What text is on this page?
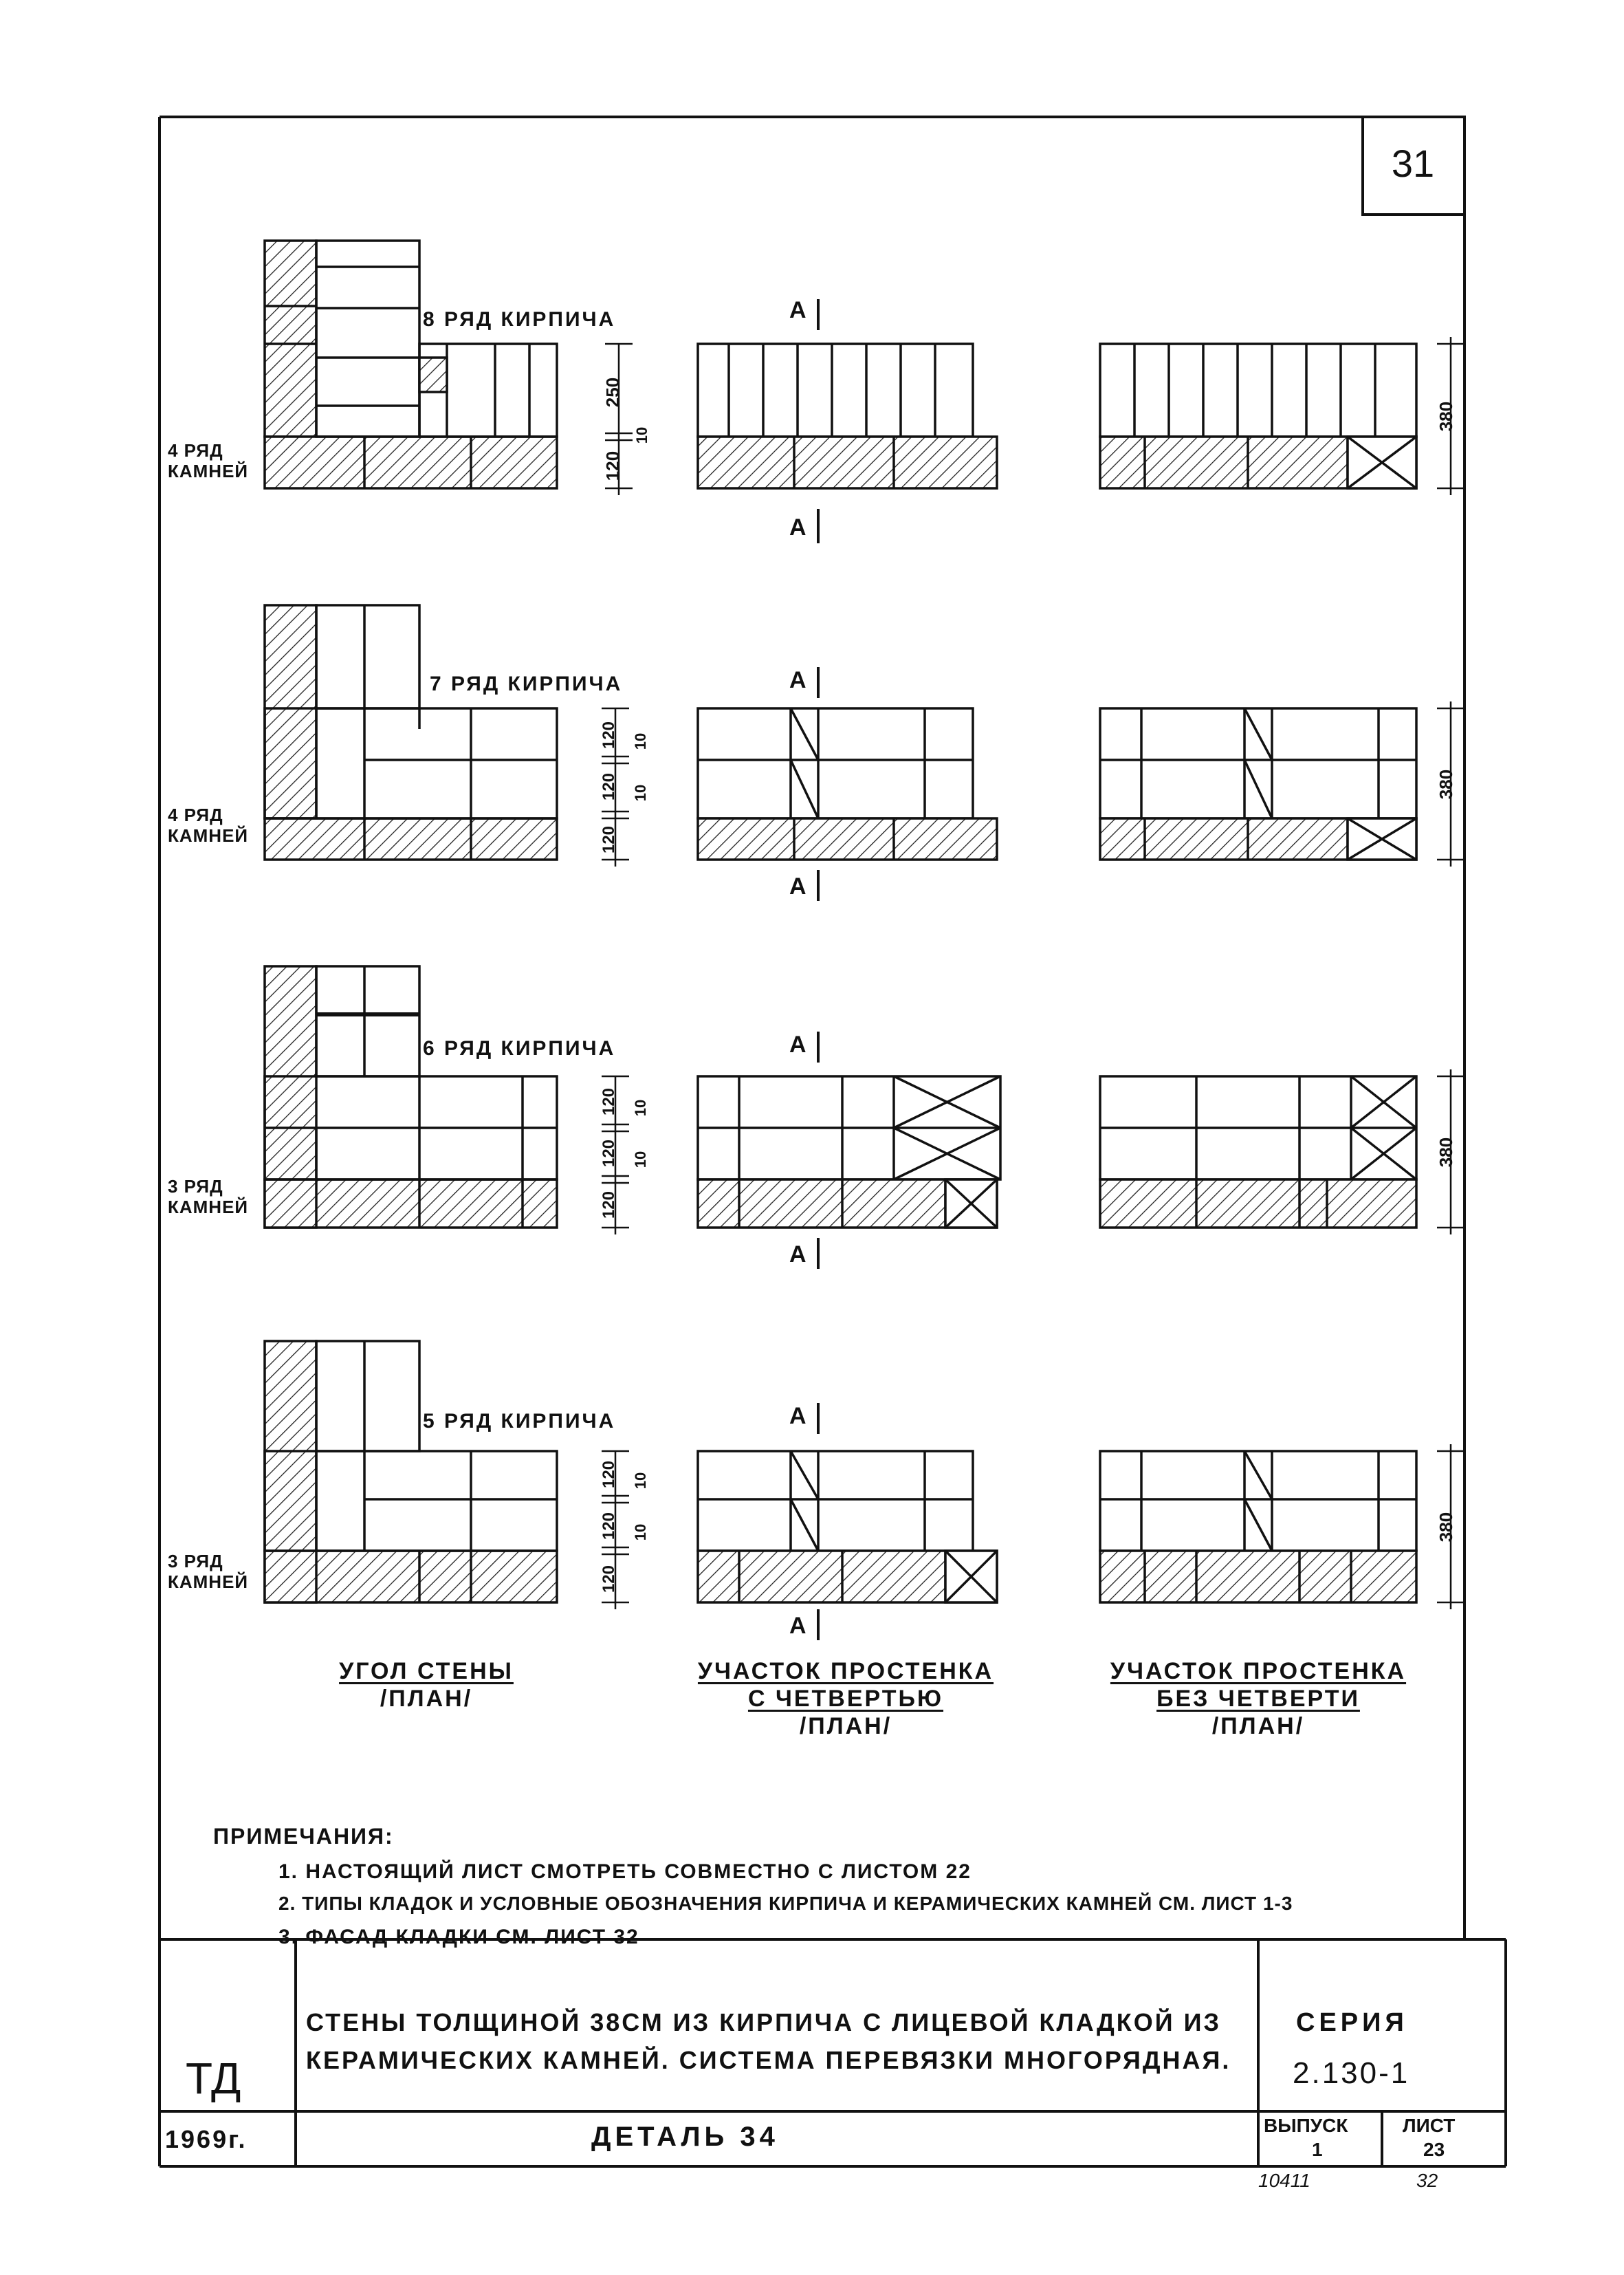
31
8 РЯД КИРПИЧА
4 РЯД
КАМНЕЙ
7 РЯД КИРПИЧА
4 РЯД
КАМНЕЙ
6 РЯД КИРПИЧА
3 РЯД
КАМНЕЙ
5 РЯД КИРПИЧА
3 РЯД
КАМНЕЙ
250
10
120
120 10
120 10
120
120 10
120 10
120
120 10
120 10
120
380
380
380
380
А
А
А
А
А
А
А
А
УГОЛ СТЕНЫ
/ПЛАН/
УЧАСТОК ПРОСТЕНКА
С ЧЕТВЕРТЬЮ
/ПЛАН/
УЧАСТОК ПРОСТЕНКА
БЕЗ ЧЕТВЕРТИ
/ПЛАН/
ПРИМЕЧАНИЯ:
1. НАСТОЯЩИЙ ЛИСТ СМОТРЕТЬ СОВМЕСТНО С ЛИСТОМ 22
2. ТИПЫ КЛАДОК И УСЛОВНЫЕ ОБОЗНАЧЕНИЯ КИРПИЧА И КЕРАМИЧЕСКИХ КАМНЕЙ СМ. ЛИСТ 1-3
3. ФАСАД КЛАДКИ СМ. ЛИСТ 32
ТД
СТЕНЫ ТОЛЩИНОЙ 38СМ ИЗ КИРПИЧА С ЛИЦЕВОЙ КЛАДКОЙ ИЗ
КЕРАМИЧЕСКИХ КАМНЕЙ. СИСТЕМА ПЕРЕВЯЗКИ МНОГОРЯДНАЯ.
СЕРИЯ
2.130-1
1969г.	ДЕТАЛЬ 34	ВЫПУСК
1
ЛИСТ
23
10411	32
